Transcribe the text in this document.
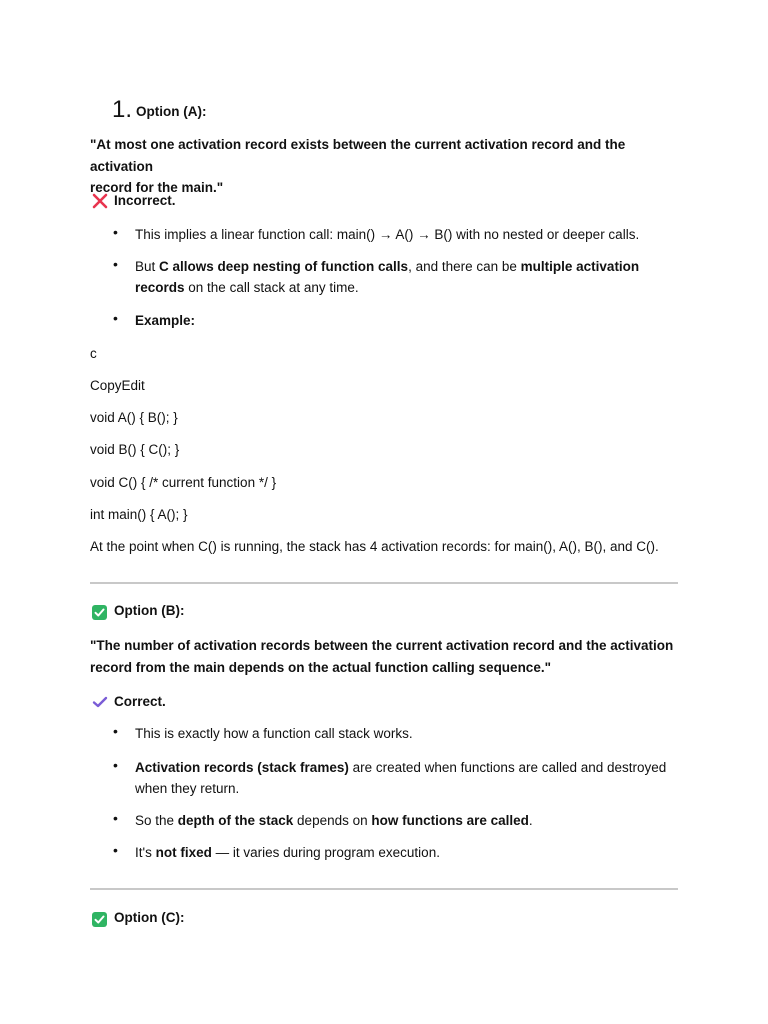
1. Option (A):
"At most one activation record exists between the current activation record and the activation
record for the main."
Incorrect.
• This implies a linear function call: main() → A() → B() with no nested or deeper calls.
• But C allows deep nesting of function calls, and there can be multiple activation
records on the call stack at any time.
• Example:
c
CopyEdit
void A() { B(); }
void B() { C(); }
void C() { /* current function */ }
int main() { A(); }
At the point when C() is running, the stack has 4 activation records: for main(), A(), B(), and C().
Option (B):
"The number of activation records between the current activation record and the activation
record from the main depends on the actual function calling sequence."
Correct.
• This is exactly how a function call stack works.
• Activation records (stack frames) are created when functions are called and destroyed
when they return.
• So the depth of the stack depends on how functions are called.
• It's not fixed — it varies during program execution.
Option (C):
